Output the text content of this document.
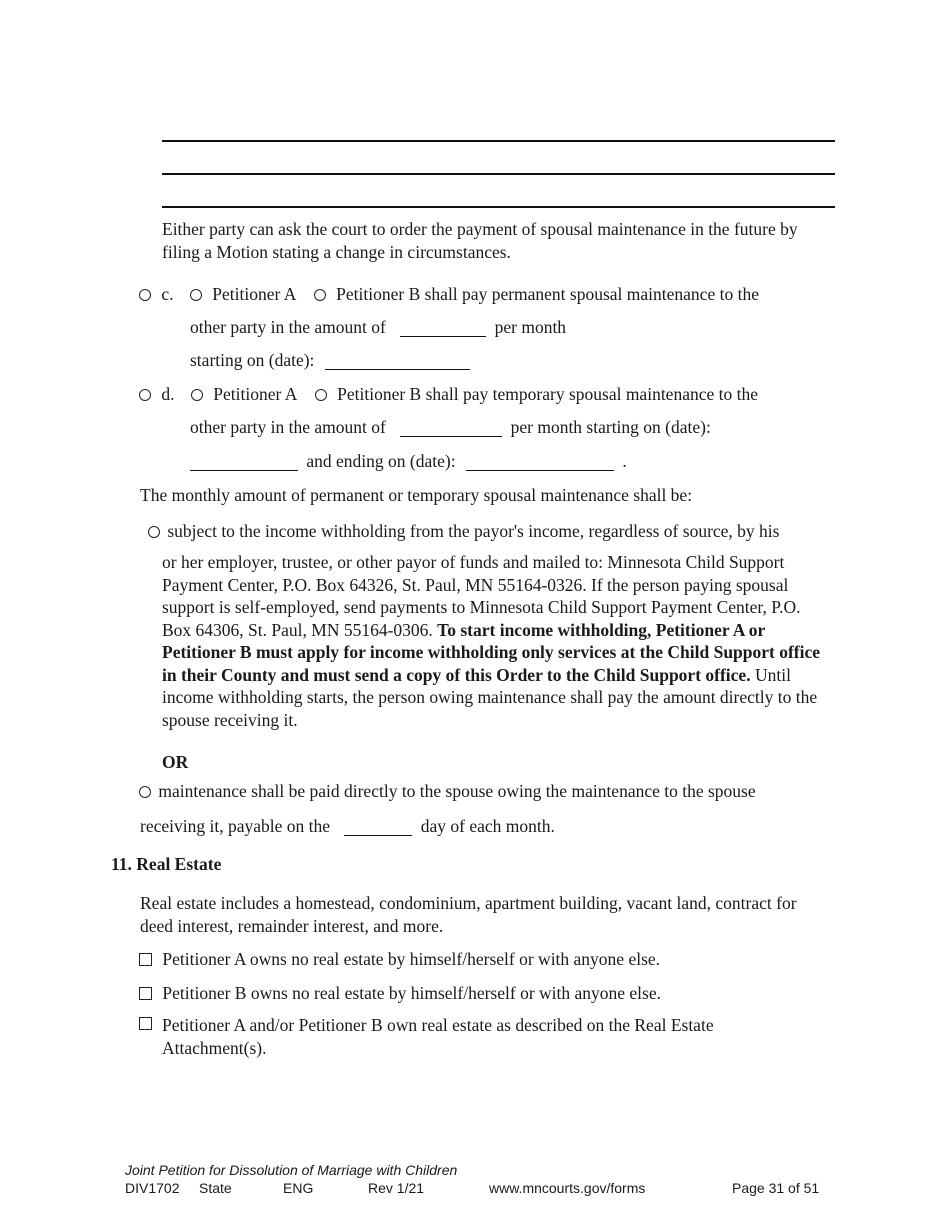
Either party can ask the court to order the payment of spousal maintenance in the future by filing a Motion stating a change in circumstances.
c. Petitioner A Petitioner B shall pay permanent spousal maintenance to the
other party in the amount of	per month
starting on (date):
d. Petitioner A Petitioner B shall pay temporary spousal maintenance to the
other party in the amount of	per month starting on (date):
and ending on (date):	.
The monthly amount of permanent or temporary spousal maintenance shall be:
subject to the income withholding from the payor's income, regardless of source, by his
or her employer, trustee, or other payor of funds and mailed to: Minnesota Child Support Payment Center, P.O. Box 64326, St. Paul, MN 55164-0326. If the person paying spousal support is self-employed, send payments to Minnesota Child Support Payment Center, P.O. Box 64306, St. Paul, MN 55164-0306. To start income withholding, Petitioner A or Petitioner B must apply for income withholding only services at the Child Support office in their County and must send a copy of this Order to the Child Support office. Until income withholding starts, the person owing maintenance shall pay the amount directly to the spouse receiving it.
OR
maintenance shall be paid directly to the spouse owing the maintenance to the spouse
receiving it, payable on the	day of each month.
11. Real Estate
Real estate includes a homestead, condominium, apartment building, vacant land, contract for deed interest, remainder interest, and more.
Petitioner A owns no real estate by himself/herself or with anyone else.
Petitioner B owns no real estate by himself/herself or with anyone else.
Petitioner A and/or Petitioner B own real estate as described on the Real Estate Attachment(s).
Joint Petition for Dissolution of Marriage with Children
DIV1702 State	ENG	Rev 1/21	www.mncourts.gov/forms	Page 31 of 51
